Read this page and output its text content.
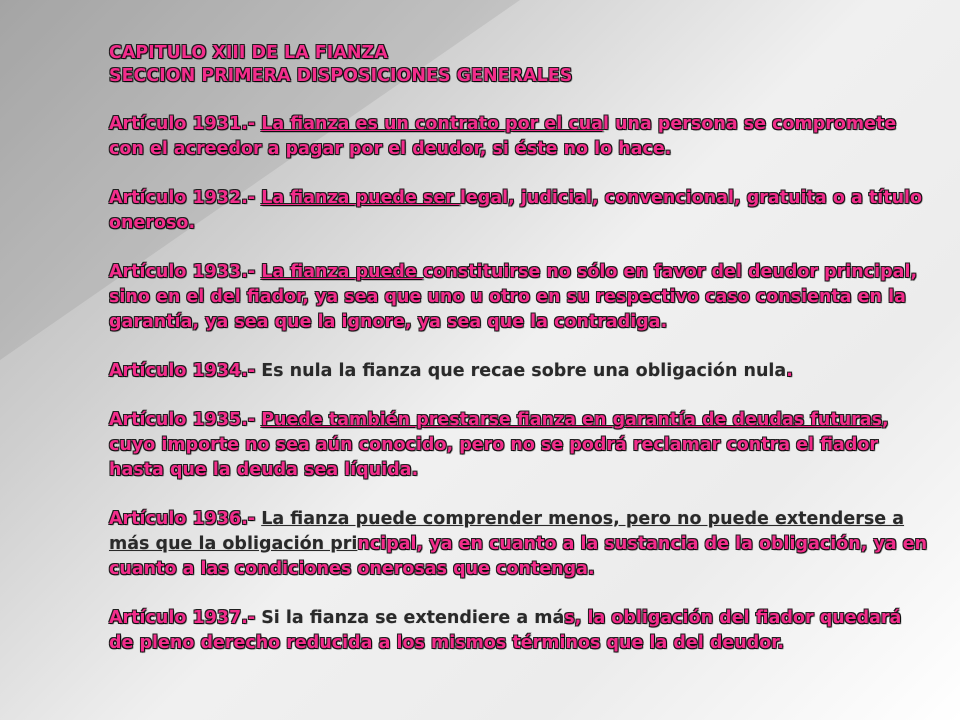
CAPITULO XIII DE LA FIANZA
SECCION PRIMERA DISPOSICIONES GENERALES
Artículo 1931.- La fianza es un contrato por el cual una persona se compromete con el acreedor a pagar por el deudor, si éste no lo hace.
Artículo 1932.- La fianza puede ser legal, judicial, convencional, gratuita o a título oneroso.
Artículo 1933.- La fianza puede constituirse no sólo en favor del deudor principal, sino en el del fiador, ya sea que uno u otro en su respectivo caso consienta en la garantía, ya sea que la ignore, ya sea que la contradiga.
Artículo 1934.- Es nula la fianza que recae sobre una obligación nula.
Artículo 1935.- Puede también prestarse fianza en garantía de deudas futuras, cuyo importe no sea aún conocido, pero no se podrá reclamar contra el fiador hasta que la deuda sea líquida.
Artículo 1936.- La fianza puede comprender menos, pero no puede extenderse a más que la obligación principal, ya en cuanto a la sustancia de la obligación, ya en cuanto a las condiciones onerosas que contenga.
Artículo 1937.- Si la fianza se extendiere a más, la obligación del fiador quedará de pleno derecho reducida a los mismos términos que la del deudor.
